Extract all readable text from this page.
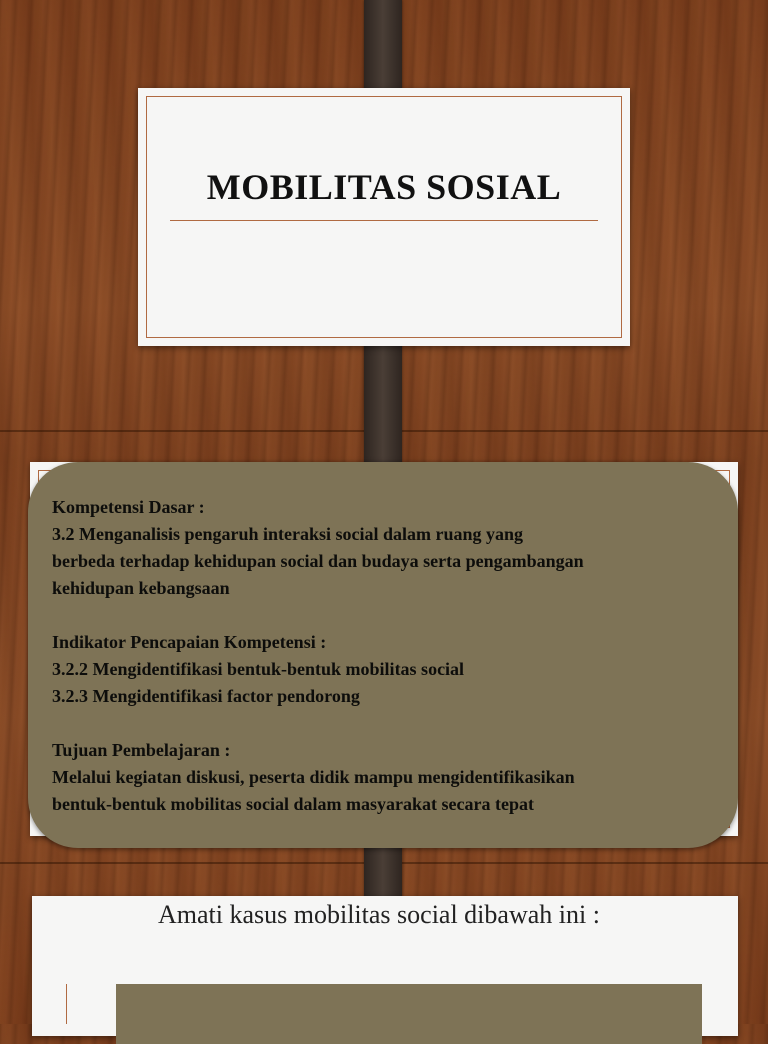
MOBILITAS SOSIAL

Kompetensi Dasar :

3.2 Menganalisis pengaruh interaksi social dalam ruang yang

berbeda terhadap kehidupan social dan budaya serta pengambangan

kehidupan kebangsaan

Indikator Pencapaian Kompetensi :

3.2.2 Mengidentifikasi bentuk-bentuk mobilitas social

3.2.3 Mengidentifikasi factor pendorong

Tujuan Pembelajaran :

Melalui kegiatan diskusi, peserta didik mampu mengidentifikasikan

bentuk-bentuk mobilitas social dalam masyarakat secara tepat

Amati kasus mobilitas social dibawah ini :
